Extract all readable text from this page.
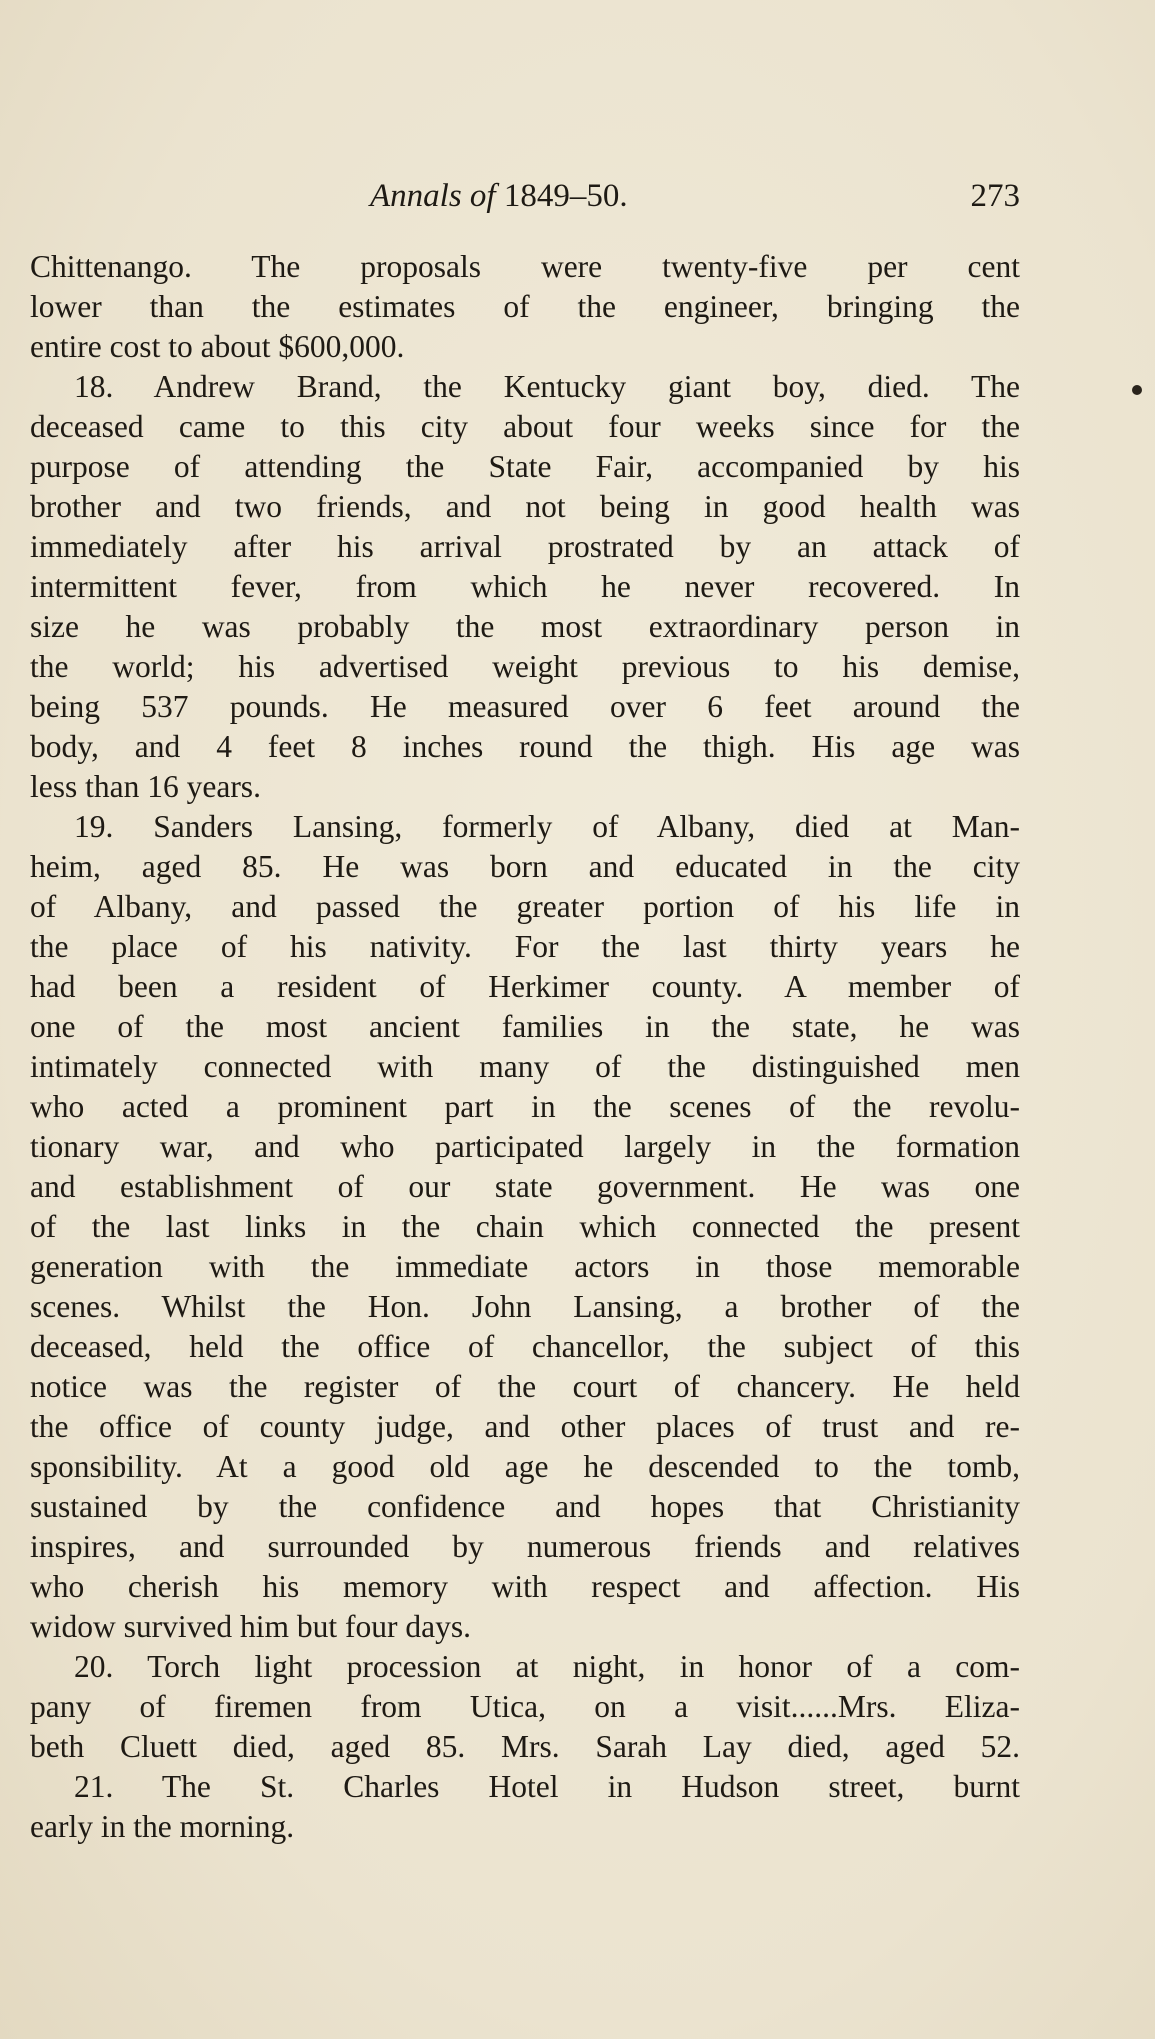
Annals of 1849–50.	273
Chittenango. The proposals were twenty-five per cent
lower than the estimates of the engineer, bringing the
entire cost to about $600,000.
18. Andrew Brand, the Kentucky giant boy, died. The
deceased came to this city about four weeks since for the
purpose of attending the State Fair, accompanied by his
brother and two friends, and not being in good health was
immediately after his arrival prostrated by an attack of
intermittent fever, from which he never recovered. In
size he was probably the most extraordinary person in
the world; his advertised weight previous to his demise,
being 537 pounds. He measured over 6 feet around the
body, and 4 feet 8 inches round the thigh. His age was
less than 16 years.
19. Sanders Lansing, formerly of Albany, died at Man-
heim, aged 85. He was born and educated in the city
of Albany, and passed the greater portion of his life in
the place of his nativity. For the last thirty years he
had been a resident of Herkimer county. A member of
one of the most ancient families in the state, he was
intimately connected with many of the distinguished men
who acted a prominent part in the scenes of the revolu-
tionary war, and who participated largely in the formation
and establishment of our state government. He was one
of the last links in the chain which connected the present
generation with the immediate actors in those memorable
scenes. Whilst the Hon. John Lansing, a brother of the
deceased, held the office of chancellor, the subject of this
notice was the register of the court of chancery. He held
the office of county judge, and other places of trust and re-
sponsibility. At a good old age he descended to the tomb,
sustained by the confidence and hopes that Christianity
inspires, and surrounded by numerous friends and relatives
who cherish his memory with respect and affection. His
widow survived him but four days.
20. Torch light procession at night, in honor of a com-
pany of firemen from Utica, on a visit......Mrs. Eliza-
beth Cluett died, aged 85. Mrs. Sarah Lay died, aged 52.
21. The St. Charles Hotel in Hudson street, burnt
early in the morning.
